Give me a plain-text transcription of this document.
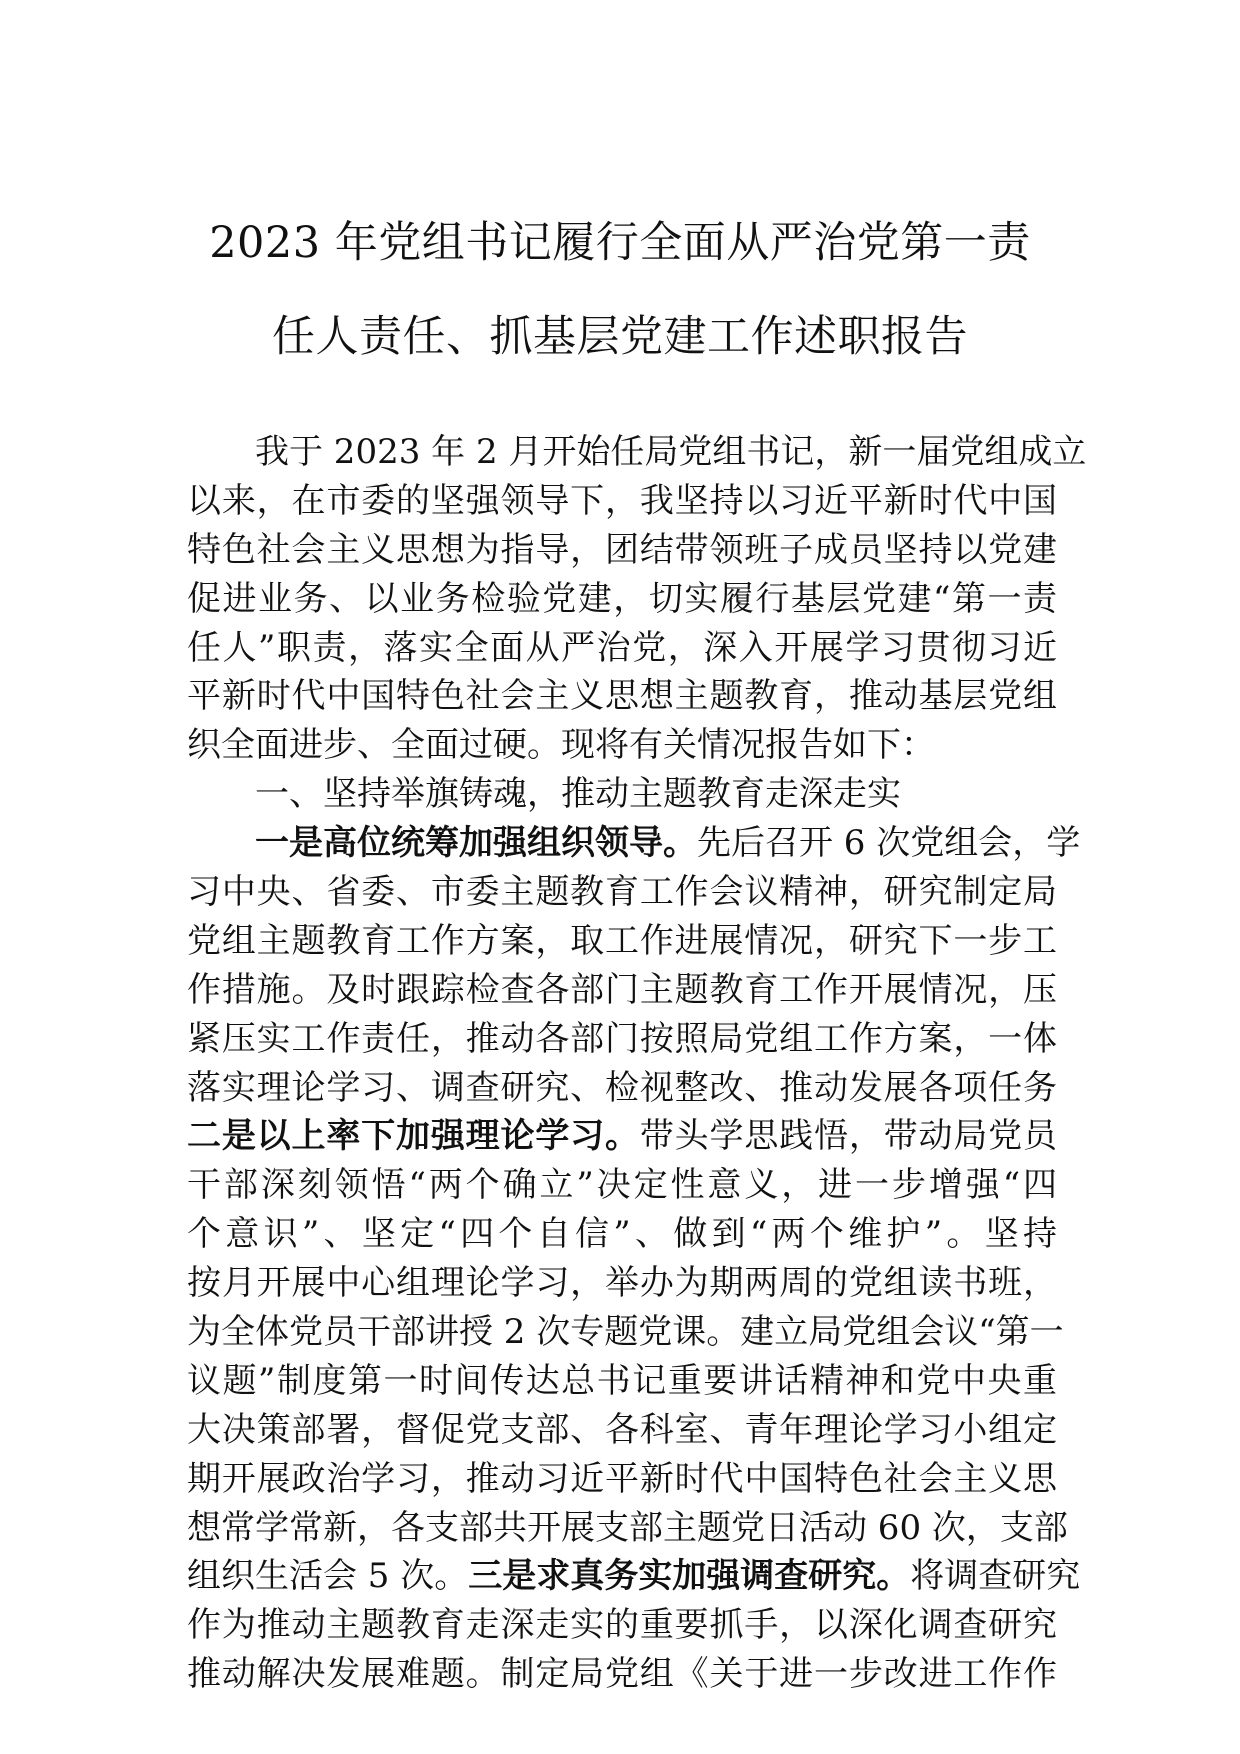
2023 年党组书记履行全面从严治党第一责
任人责任、抓基层党建工作述职报告
我于 2023 年 2 月开始任局党组书记，新一届党组成立
以来，在市委的坚强领导下，我坚持以习近平新时代中国
特色社会主义思想为指导，团结带领班子成员坚持以党建
促进业务、以业务检验党建，切实履行基层党建“第一责
任人”职责，落实全面从严治党，深入开展学习贯彻习近
平新时代中国特色社会主义思想主题教育，推动基层党组
织全面进步、全面过硬。现将有关情况报告如下：
一、坚持举旗铸魂，推动主题教育走深走实
一是高位统筹加强组织领导。先后召开 6 次党组会，学
习中央、省委、市委主题教育工作会议精神，研究制定局
党组主题教育工作方案，取工作进展情况，研究下一步工
作措施。及时跟踪检查各部门主题教育工作开展情况，压
紧压实工作责任，推动各部门按照局党组工作方案，一体
落实理论学习、调查研究、检视整改、推动发展各项任务
二是以上率下加强理论学习。带头学思践悟，带动局党员
干部深刻领悟“两个确立”决定性意义，进一步增强“四
个意识”、坚定“四个自信”、做到“两个维护”。坚持
按月开展中心组理论学习，举办为期两周的党组读书班，
为全体党员干部讲授 2 次专题党课。建立局党组会议“第一
议题”制度第一时间传达总书记重要讲话精神和党中央重
大决策部署，督促党支部、各科室、青年理论学习小组定
期开展政治学习，推动习近平新时代中国特色社会主义思
想常学常新，各支部共开展支部主题党日活动 60 次，支部
组织生活会 5 次。三是求真务实加强调查研究。将调查研究
作为推动主题教育走深走实的重要抓手，以深化调查研究
推动解决发展难题。制定局党组《关于进一步改进工作作
